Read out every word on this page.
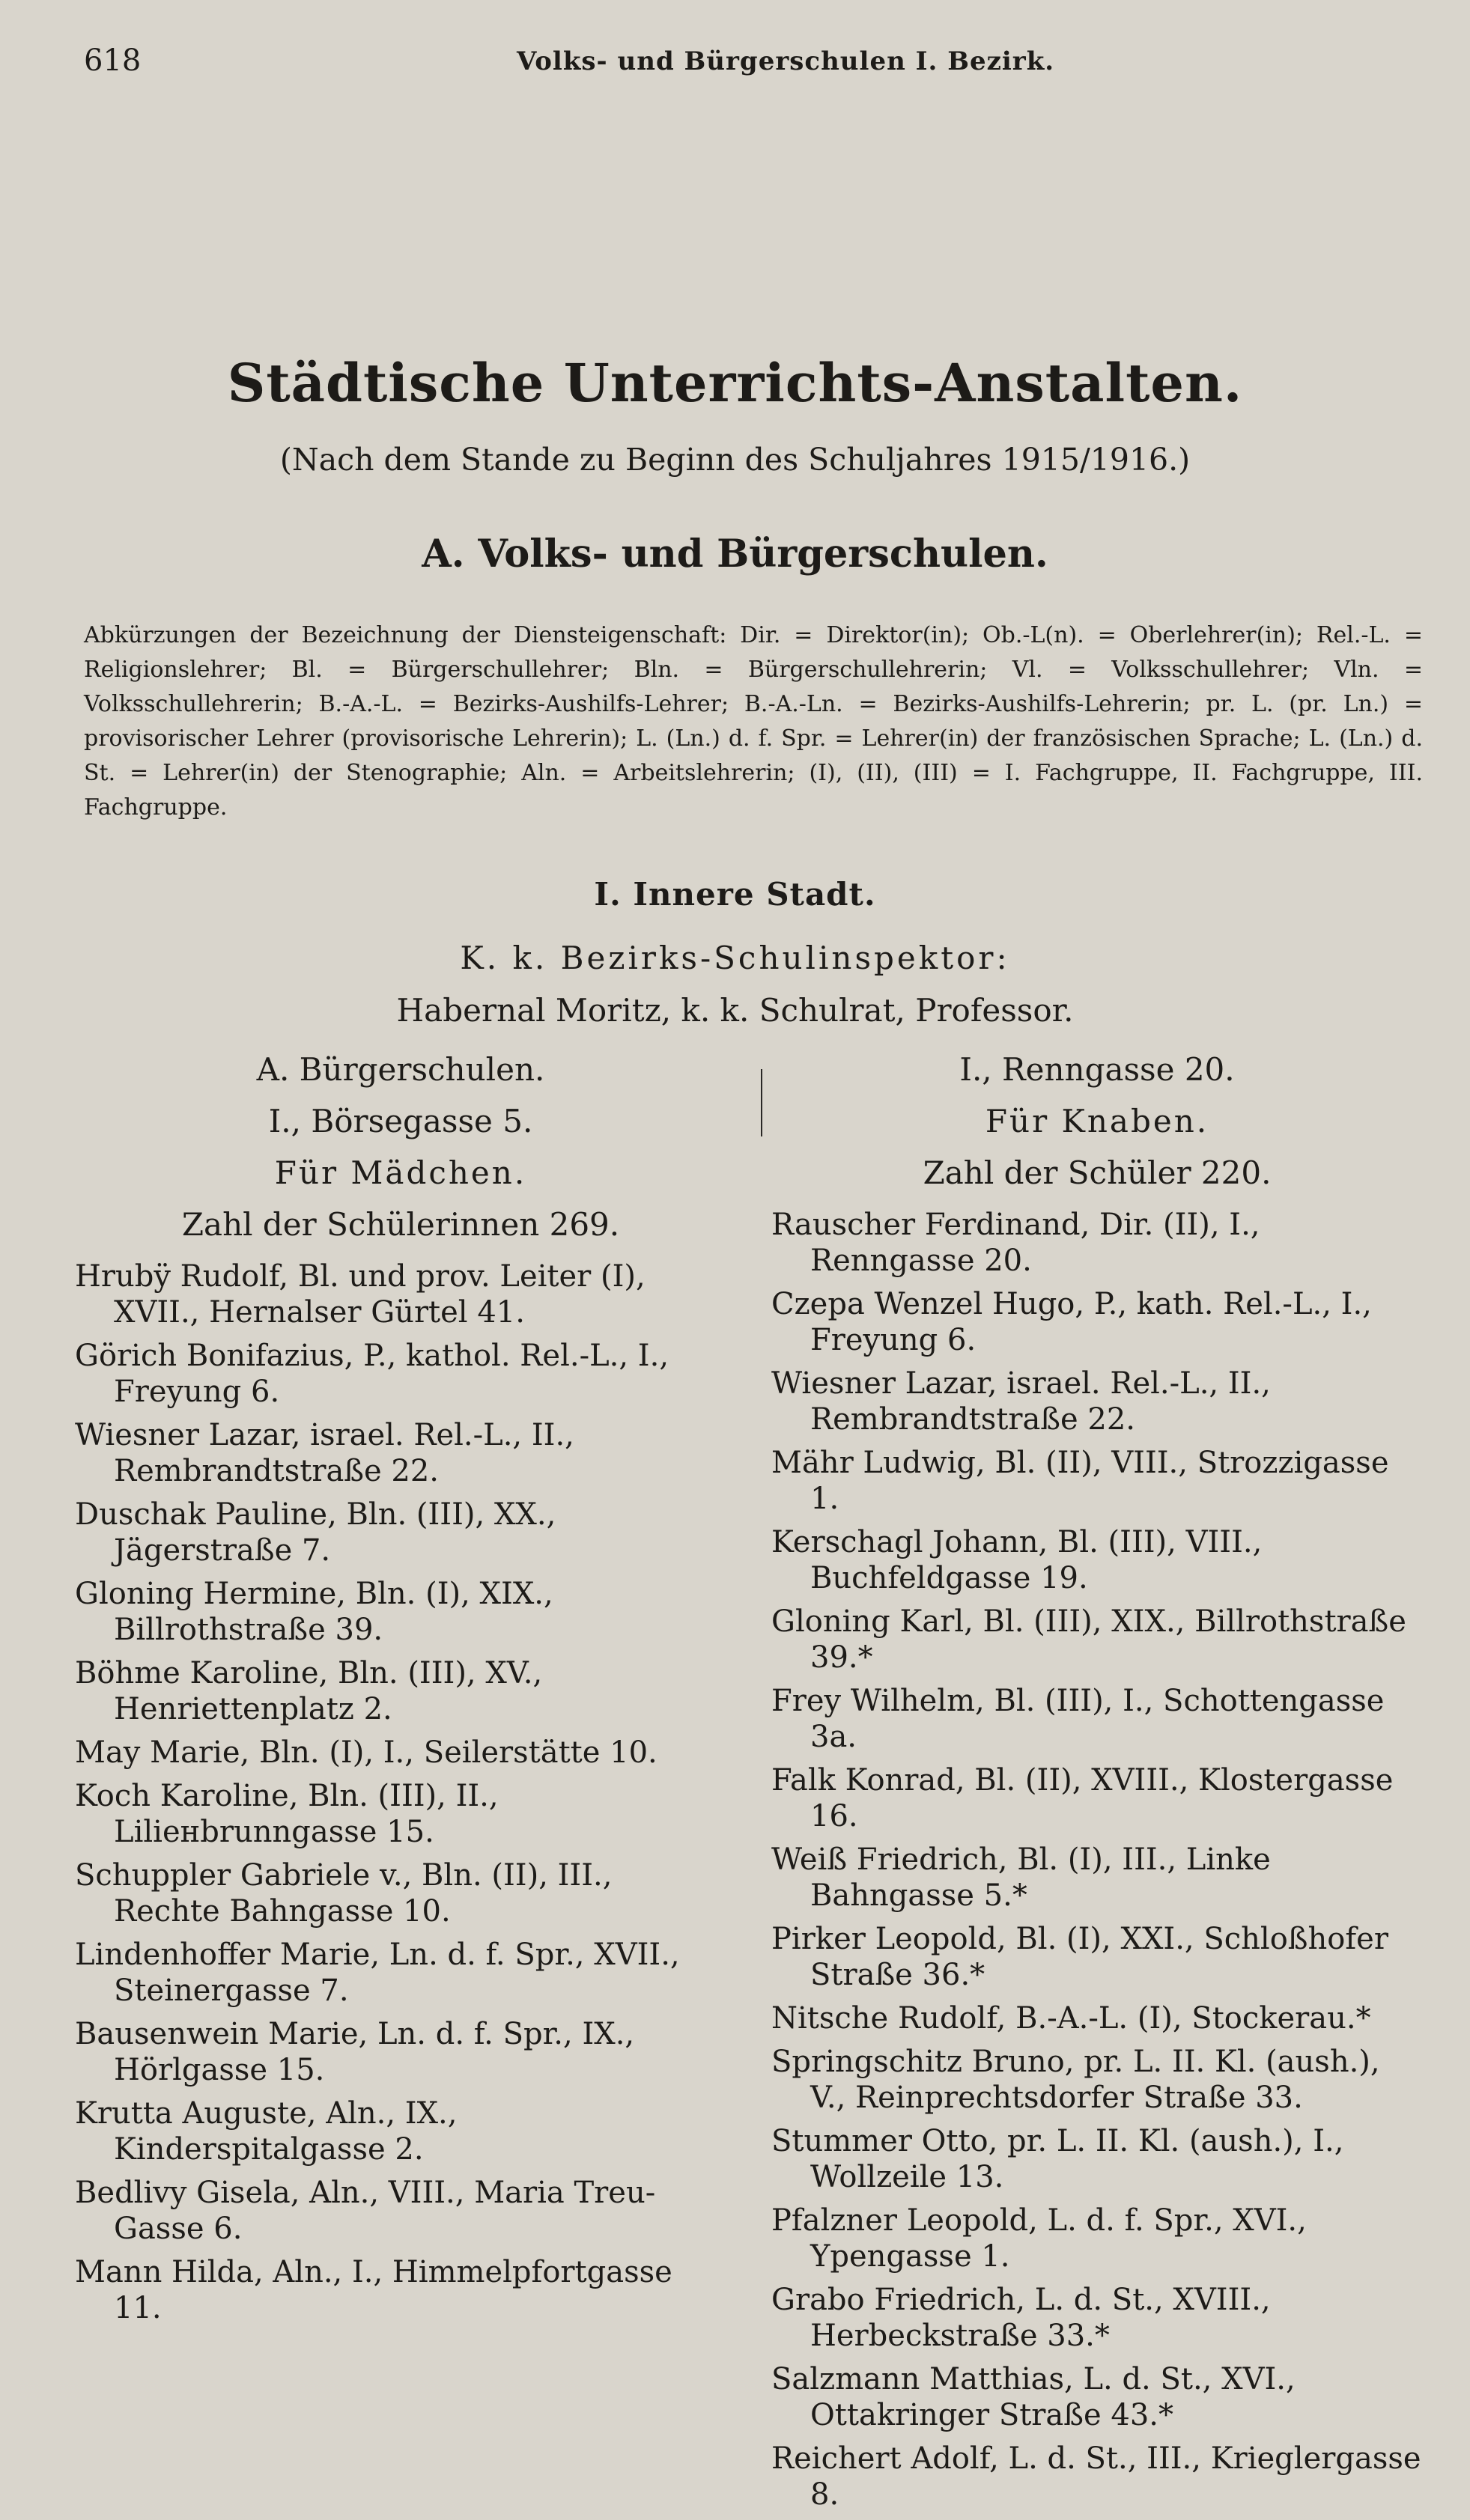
618	Volks- und Bürgerschulen I. Bezirk.
Städtische Unterrichts-Anstalten.
(Nach dem Stande zu Beginn des Schuljahres 1915/1916.)
A. Volks- und Bürgerschulen.
Abkürzungen der Bezeichnung der Diensteigenschaft: Dir. = Direktor(in); Ob.-L(n). = Oberlehrer(in); Rel.-L. = Religionslehrer; Bl. = Bürgerschullehrer; Bln. = Bürgerschullehrerin; Vl. = Volksschullehrer; Vln. = Volksschullehrerin; B.-A.-L. = Bezirks-Aushilfs-Lehrer; B.-A.-Ln. = Bezirks-Aushilfs-Lehrerin; pr. L. (pr. Ln.) = provisorischer Lehrer (provisorische Lehrerin); L. (Ln.) d. f. Spr. = Lehrer(in) der französischen Sprache; L. (Ln.) d. St. = Lehrer(in) der Stenographie; Aln. = Arbeitslehrerin; (I), (II), (III) = I. Fachgruppe, II. Fachgruppe, III. Fachgruppe.
I. Innere Stadt.
K. k. Bezirks-Schulinspektor:
Habernal Moritz, k. k. Schulrat, Professor.
A. Bürgerschulen.
I., Börsegasse 5.
Für Mädchen.
Zahl der Schülerinnen 269.
Hrubÿ Rudolf, Bl. und prov. Leiter (I), XVII., Hernalser Gürtel 41.
Görich Bonifazius, P., kathol. Rel.-L., I., Freyung 6.
Wiesner Lazar, israel. Rel.-L., II., Rembrandtstraße 22.
Duschak Pauline, Bln. (III), XX., Jägerstraße 7.
Gloning Hermine, Bln. (I), XIX., Billrothstraße 39.
Böhme Karoline, Bln. (III), XV., Henriettenplatz 2.
May Marie, Bln. (I), I., Seilerstätte 10.
Koch Karoline, Bln. (III), II., Liliенbrunngasse 15.
Schuppler Gabriele v., Bln. (II), III., Rechte Bahngasse 10.
Lindenhoffer Marie, Ln. d. f. Spr., XVII., Steinergasse 7.
Bausenwein Marie, Ln. d. f. Spr., IX., Hörlgasse 15.
Krutta Auguste, Aln., IX., Kinderspitalgasse 2.
Bedlivy Gisela, Aln., VIII., Maria Treu-Gasse 6.
Mann Hilda, Aln., I., Himmelpfortgasse 11.
I., Renngasse 20.
Für Knaben.
Zahl der Schüler 220.
Rauscher Ferdinand, Dir. (II), I., Renngasse 20.
Czepa Wenzel Hugo, P., kath. Rel.-L., I., Freyung 6.
Wiesner Lazar, israel. Rel.-L., II., Rembrandtstraße 22.
Mähr Ludwig, Bl. (II), VIII., Strozzigasse 1.
Kerschagl Johann, Bl. (III), VIII., Buchfeldgasse 19.
Gloning Karl, Bl. (III), XIX., Billrothstraße 39.*
Frey Wilhelm, Bl. (III), I., Schottengasse 3a.
Falk Konrad, Bl. (II), XVIII., Klostergasse 16.
Weiß Friedrich, Bl. (I), III., Linke Bahngasse 5.*
Pirker Leopold, Bl. (I), XXI., Schloßhofer Straße 36.*
Nitsche Rudolf, B.-A.-L. (I), Stockerau.*
Springschitz Bruno, pr. L. II. Kl. (aush.), V., Reinprechtsdorfer Straße 33.
Stummer Otto, pr. L. II. Kl. (aush.), I., Wollzeile 13.
Pfalzner Leopold, L. d. f. Spr., XVI., Ypengasse 1.
Grabo Friedrich, L. d. St., XVIII., Herbeckstraße 33.*
Salzmann Matthias, L. d. St., XVI., Ottakringer Straße 43.*
Reichert Adolf, L. d. St., III., Krieglergasse 8.
